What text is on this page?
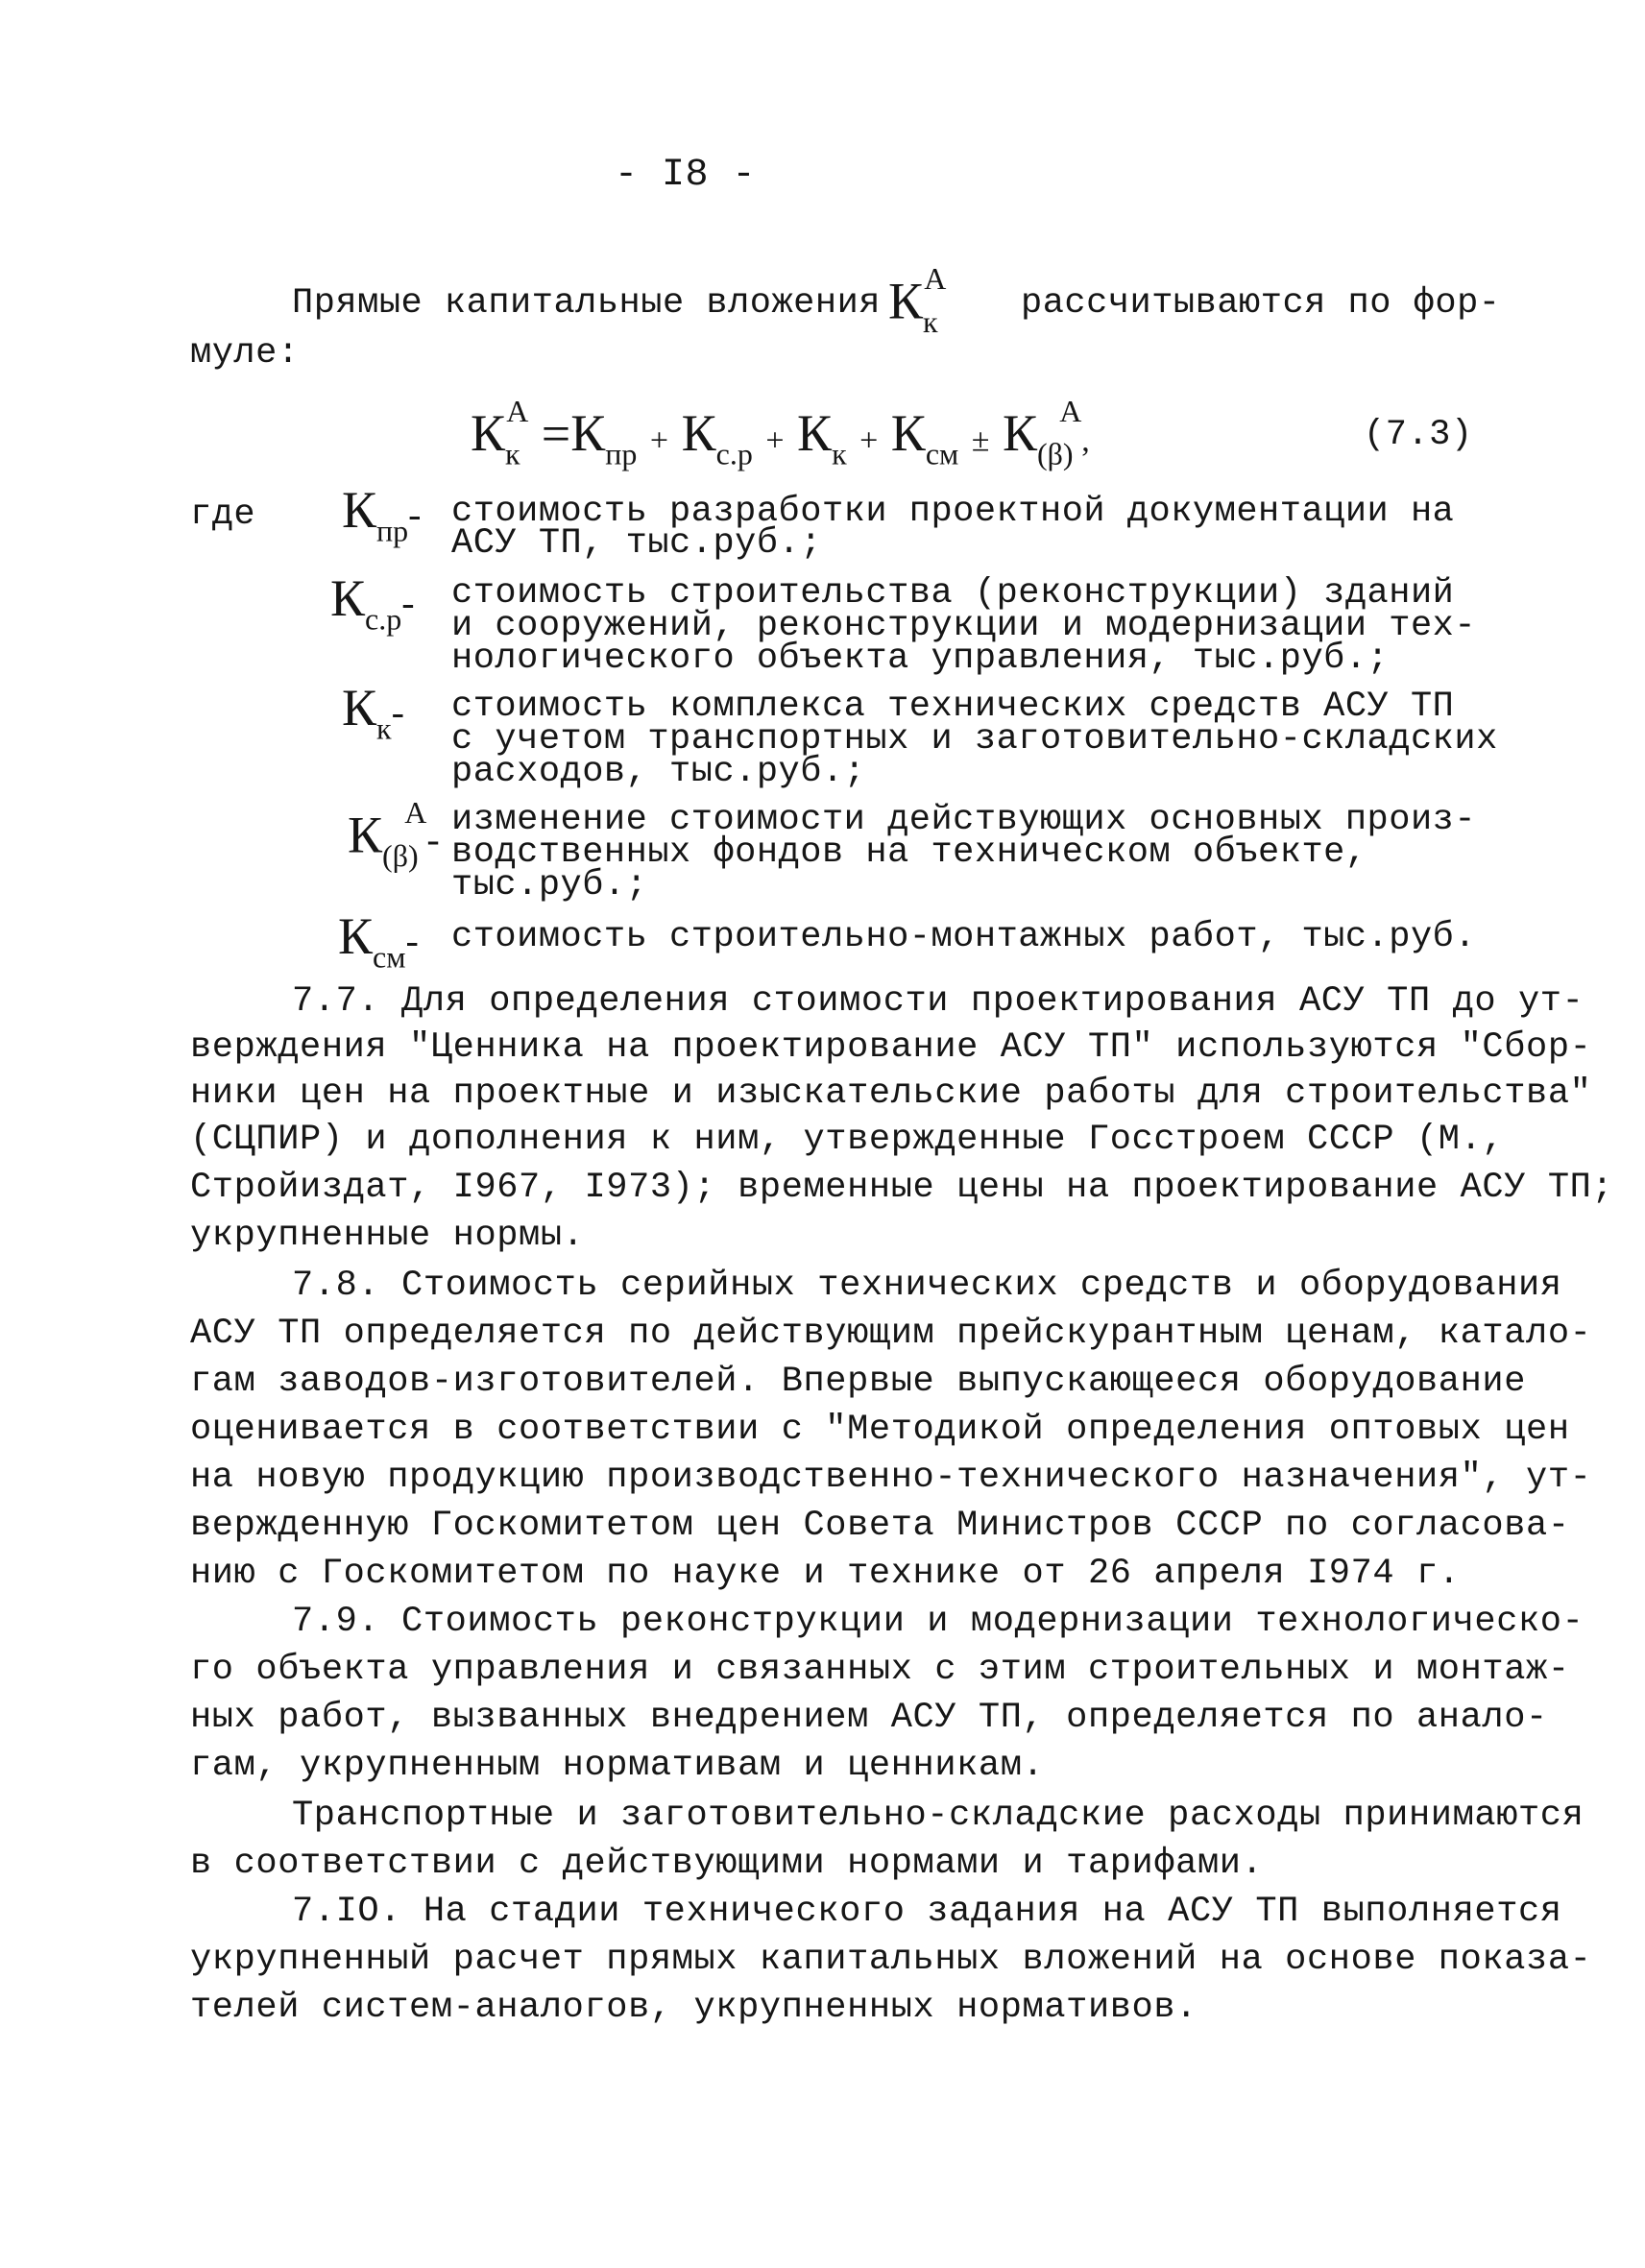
- I8 -
Прямые капитальные вложения $К_к^А$
рассчитываются по фор-
муле:
$К_к^А =К_{пр} + К_{с.р} + К_к + К_{см} \pm К_{(\beta)}^А$,	(7.3)
где $К_{пр}-$ стоимость разработки проектной документации на
АСУ ТП, тыс.руб.;
$К_{с.р}-$ стоимость строительства (реконструкции) зданий
и сооружений, реконструкции и модернизации тех-
нологического объекта управления, тыс.руб.;
$К_к-$ стоимость комплекса технических средств АСУ ТП
с учетом транспортных и заготовительно-складских
расходов, тыс.руб.;
$К_{(\beta)}^А-$ изменение стоимости действующих основных произ-
водственных фондов на техническом объекте,
тыс.руб.;
$К_{см}-$ стоимость строительно-монтажных работ, тыс.руб.
7.7. Для определения стоимости проектирования АСУ ТП до ут-
верждения "Ценника на проектирование АСУ ТП" используются "Сбор-
ники цен на проектные и изыскательские работы для строительства"
(СЦПИР) и дополнения к ним, утвержденные Госстроем СССР (М.,
Стройиздат, I967, I973); временные цены на проектирование АСУ ТП;
укрупненные нормы.
7.8. Стоимость серийных технических средств и оборудования
АСУ ТП определяется по действующим прейскурантным ценам, катало-
гам заводов-изготовителей. Впервые выпускающееся оборудование
оценивается в соответствии с "Методикой определения оптовых цен
на новую продукцию производственно-технического назначения", ут-
вержденную Госкомитетом цен Совета Министров СССР по согласова-
нию с Госкомитетом по науке и технике от 26 апреля I974 г.
7.9. Стоимость реконструкции и модернизации технологическо-
го объекта управления и связанных с этим строительных и монтаж-
ных работ, вызванных внедрением АСУ ТП, определяется по анало-
гам, укрупненным нормативам и ценникам.
Транспортные и заготовительно-складские расходы принимаются
в соответствии с действующими нормами и тарифами.
7.IO. На стадии технического задания на АСУ ТП выполняется
укрупненный расчет прямых капитальных вложений на основе показа-
телей систем-аналогов, укрупненных нормативов.
